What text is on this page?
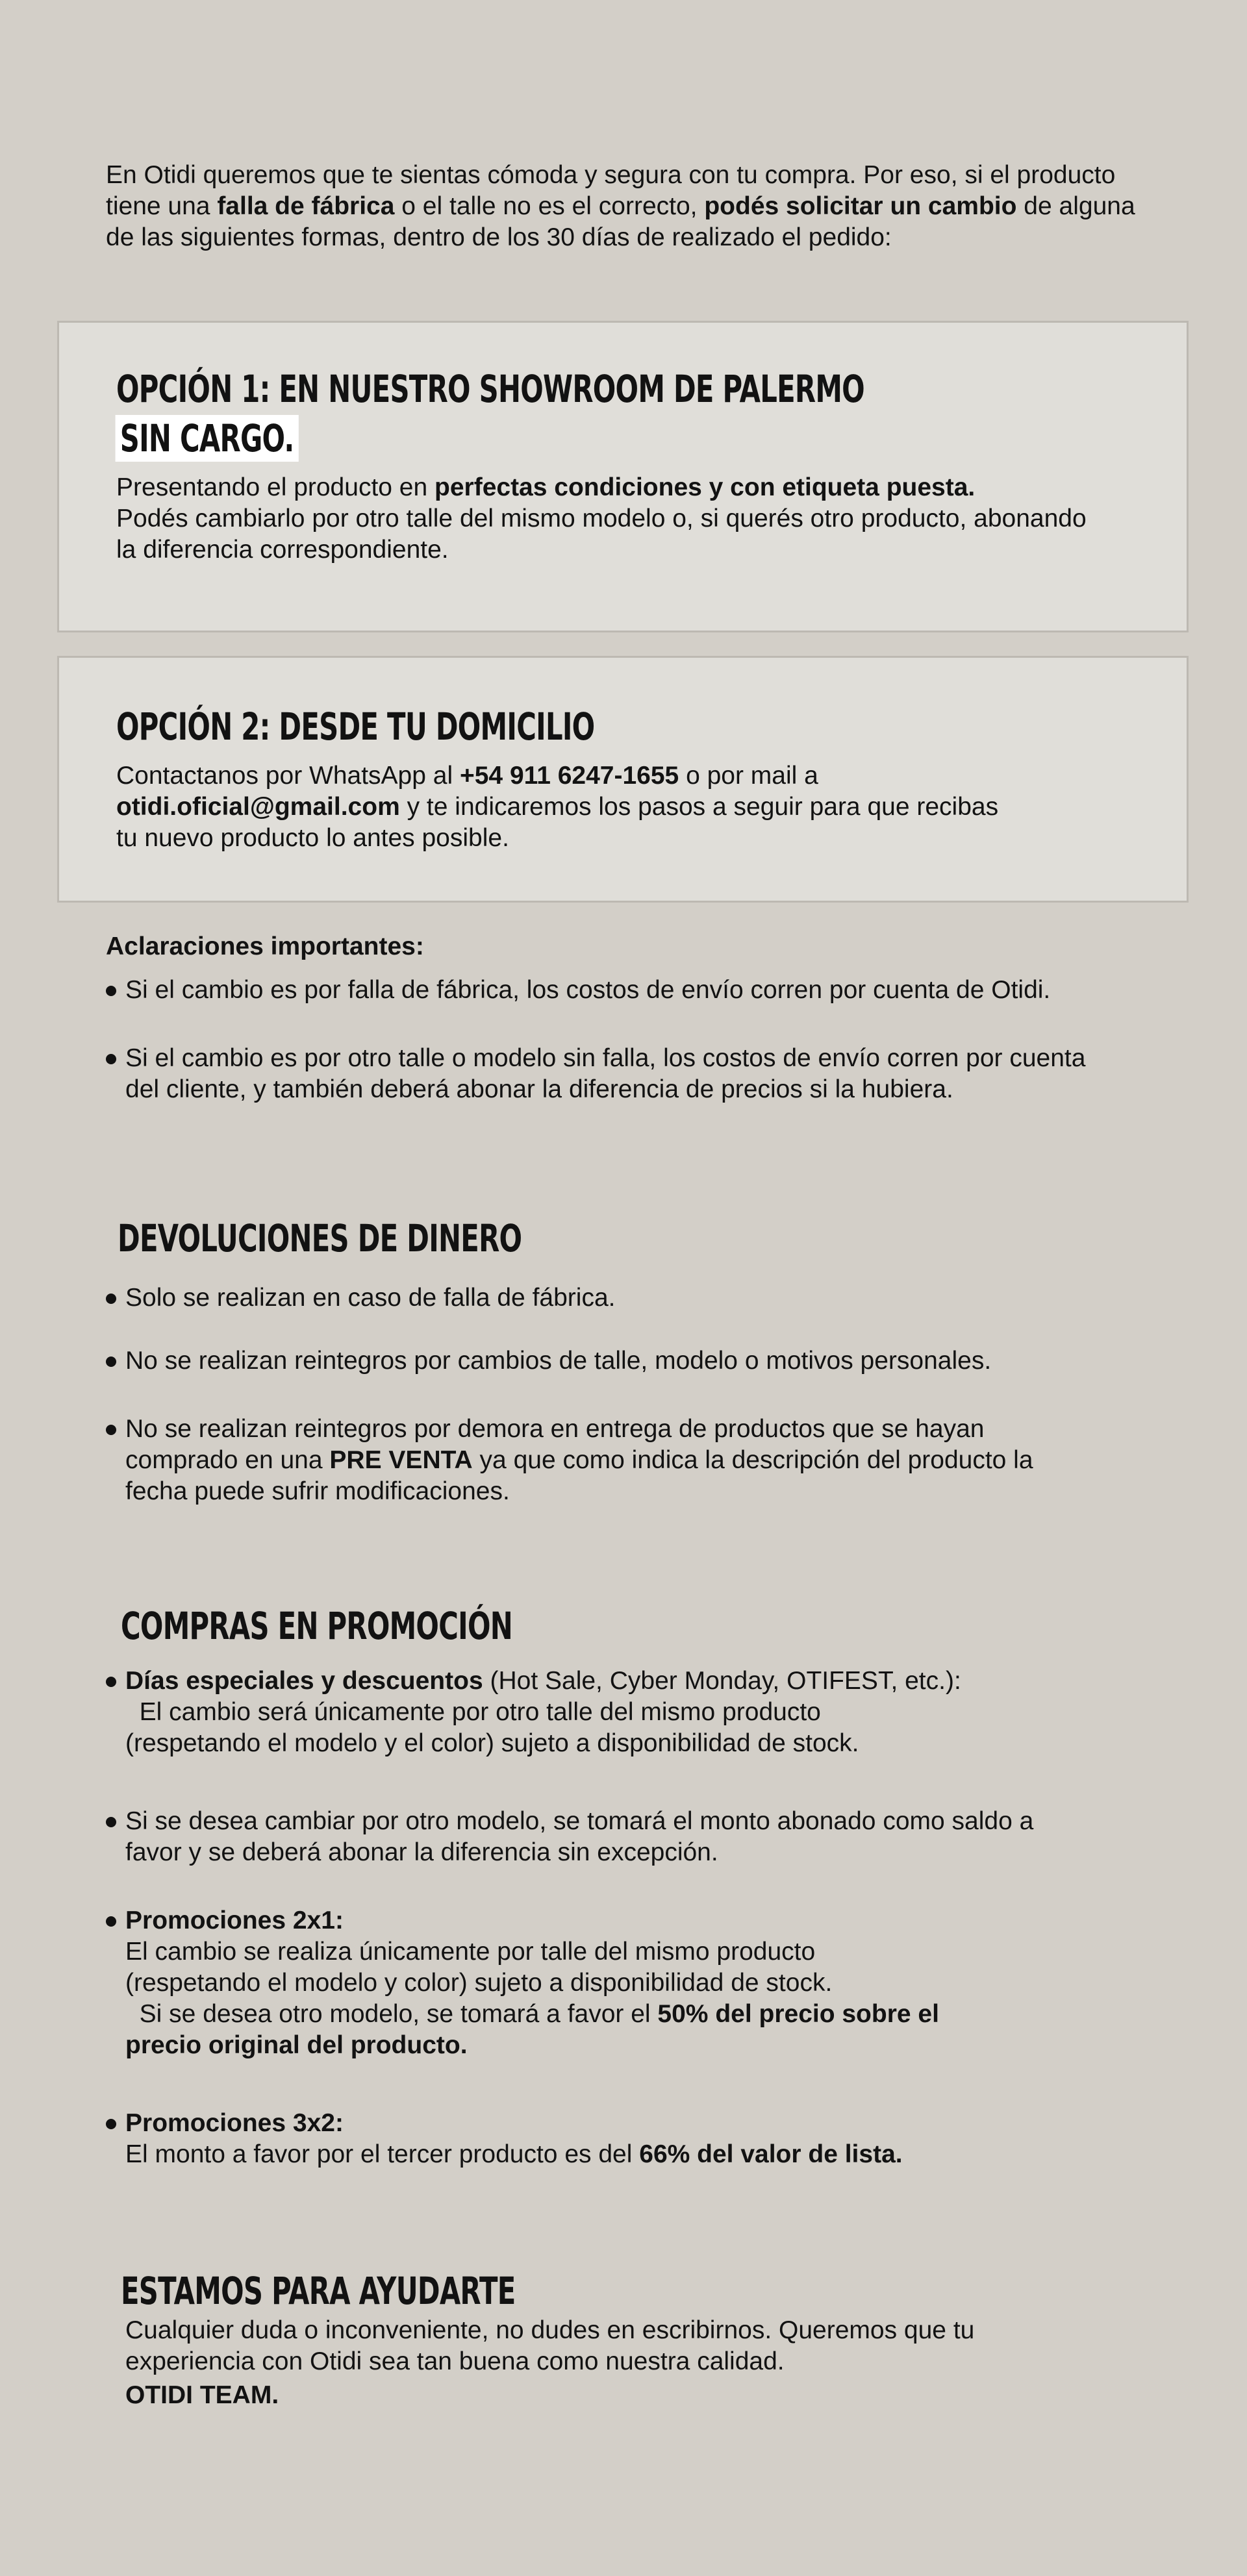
En Otidi queremos que te sientas cómoda y segura con tu compra. Por eso, si el producto
tiene una falla de fábrica o el talle no es el correcto, podés solicitar un cambio de alguna
de las siguientes formas, dentro de los 30 días de realizado el pedido:
OPCIÓN 1: EN NUESTRO SHOWROOM DE PALERMO
SIN CARGO.
Presentando el producto en perfectas condiciones y con etiqueta puesta.
Podés cambiarlo por otro talle del mismo modelo o, si querés otro producto, abonando
la diferencia correspondiente.
OPCIÓN 2: DESDE TU DOMICILIO
Contactanos por WhatsApp al +54 911 6247-1655 o por mail a
otidi.oficial@gmail.com y te indicaremos los pasos a seguir para que recibas
tu nuevo producto lo antes posible.
Aclaraciones importantes:
Si el cambio es por falla de fábrica, los costos de envío corren por cuenta de Otidi.
Si el cambio es por otro talle o modelo sin falla, los costos de envío corren por cuenta
del cliente, y también deberá abonar la diferencia de precios si la hubiera.
DEVOLUCIONES DE DINERO
Solo se realizan en caso de falla de fábrica.
No se realizan reintegros por cambios de talle, modelo o motivos personales.
No se realizan reintegros por demora en entrega de productos que se hayan
comprado en una PRE VENTA ya que como indica la descripción del producto la
fecha puede sufrir modificaciones.
COMPRAS EN PROMOCIÓN
Días especiales y descuentos (Hot Sale, Cyber Monday, OTIFEST, etc.):
El cambio será únicamente por otro talle del mismo producto
(respetando el modelo y el color) sujeto a disponibilidad de stock.
Si se desea cambiar por otro modelo, se tomará el monto abonado como saldo a
favor y se deberá abonar la diferencia sin excepción.
Promociones 2x1:
El cambio se realiza únicamente por talle del mismo producto
(respetando el modelo y color) sujeto a disponibilidad de stock.
Si se desea otro modelo, se tomará a favor el 50% del precio sobre el
precio original del producto.
Promociones 3x2:
El monto a favor por el tercer producto es del 66% del valor de lista.
ESTAMOS PARA AYUDARTE
Cualquier duda o inconveniente, no dudes en escribirnos. Queremos que tu
experiencia con Otidi sea tan buena como nuestra calidad.
OTIDI TEAM.
